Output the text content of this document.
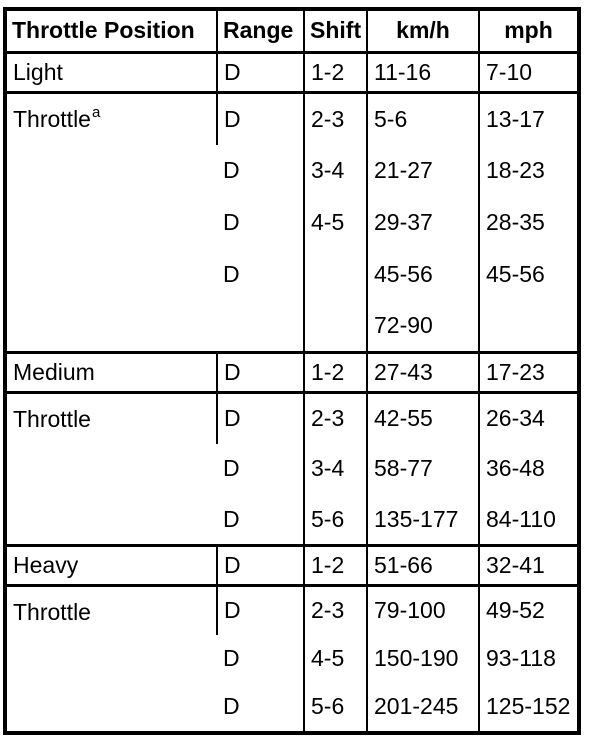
Throttle Position	Range	Shift	km/h	mph
Light	D	1-2	11-16	7-10
Throttle$^a$	D	2-3	5-6	13-17
	D	3-4	21-27	18-23
	D	4-5	29-37	28-35
	D		45-56	45-56
			72-90	
Medium	D	1-2	27-43	17-23
Throttle	D	2-3	42-55	26-34
	D	3-4	58-77	36-48
	D	5-6	135-177	84-110
Heavy	D	1-2	51-66	32-41
Throttle	D	2-3	79-100	49-52
	D	4-5	150-190	93-118
	D	5-6	201-245	125-152
